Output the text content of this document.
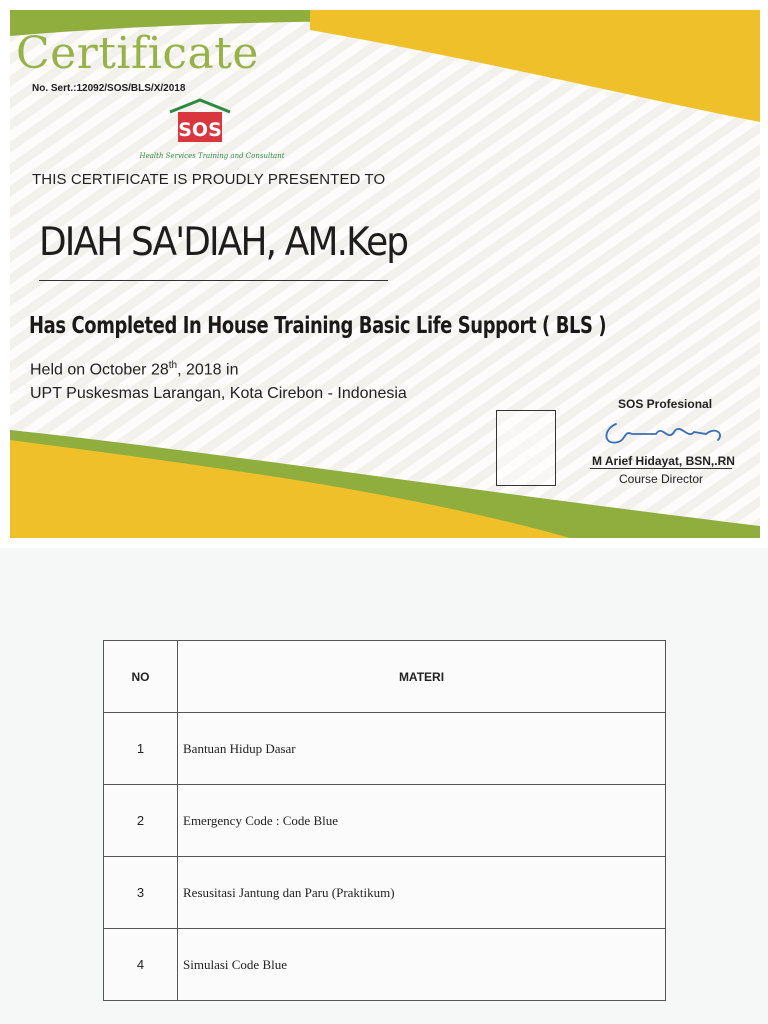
Certificate
No. Sert.:12092/SOS/BLS/X/2018
SOS
Health Services Training and Consultant
THIS CERTIFICATE IS PROUDLY PRESENTED TO
DIAH SA'DIAH, AM.Kep
Has Completed In House Training Basic Life Support ( BLS )
Held on October 28th, 2018 in
UPT Puskesmas Larangan, Kota Cirebon - Indonesia
SOS Profesional
M Arief Hidayat, BSN,.RN
Course Director
NO	MATERI
1	Bantuan Hidup Dasar
2	Emergency Code : Code Blue
3	Resusitasi Jantung dan Paru (Praktikum)
4	Simulasi Code Blue
